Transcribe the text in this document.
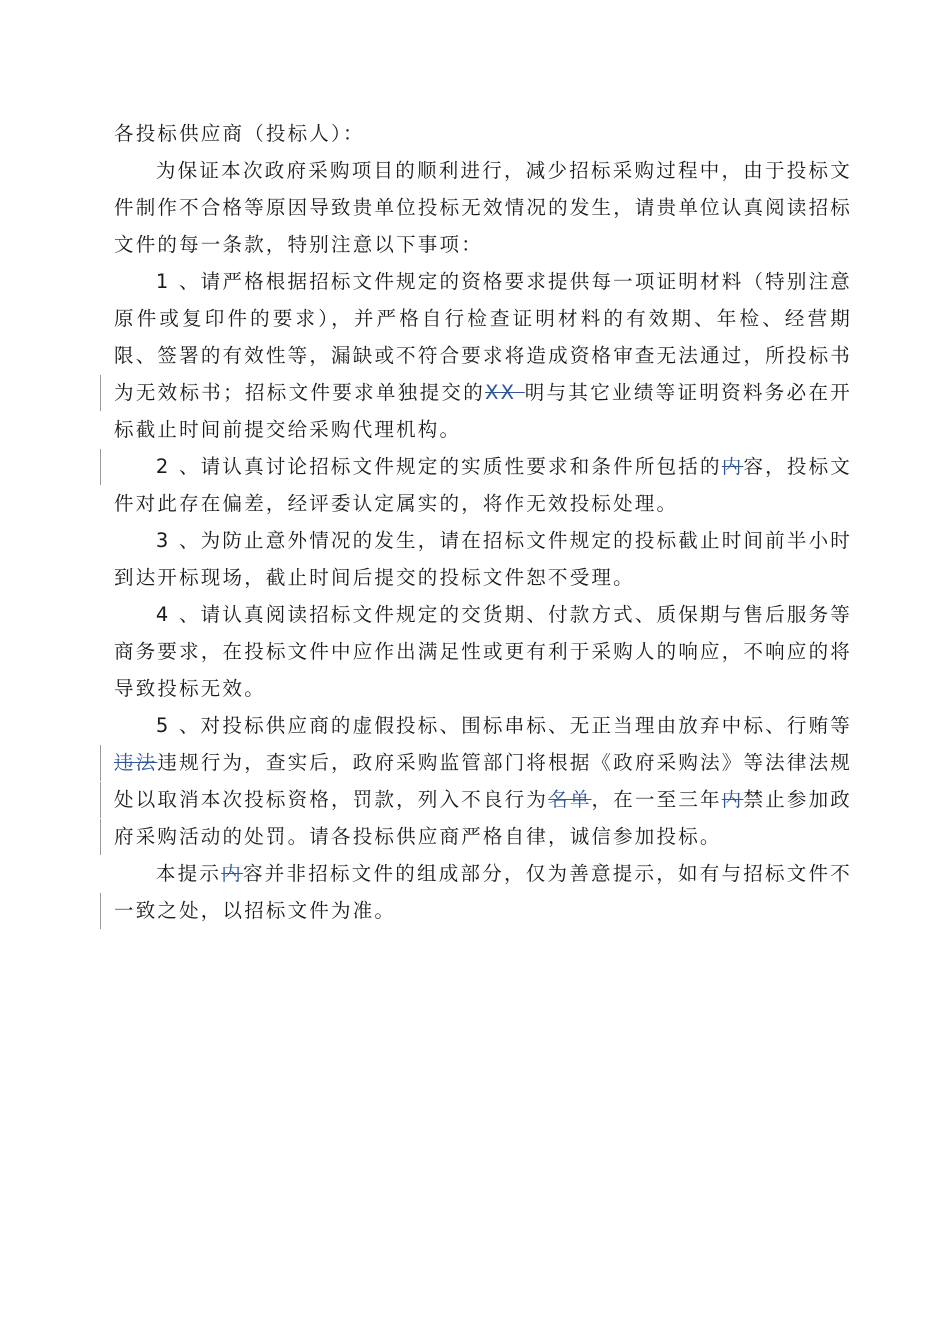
各投标供应商（投标人）：

为保证本次政府采购项目的顺利进行，减少招标采购过程中，由于投标文件制作不合格等原因导致贵单位投标无效情况的发生，请贵单位认真阅读招标文件的每一条款，特别注意以下事项：

1 、请严格根据招标文件规定的资格要求提供每一项证明材料（特别注意原件或复印件的要求），并严格自行检查证明材料的有效期、年检、经营期限、签署的有效性等，漏缺或不符合要求将造成资格审查无法通过，所投标书为无效标书；招标文件要求单独提交的XX 明与其它业绩等证明资料务必在开标截止时间前提交给采购代理机构。

2 、请认真讨论招标文件规定的实质性要求和条件所包括的内容，投标文件对此存在偏差，经评委认定属实的，将作无效投标处理。

3 、为防止意外情况的发生，请在招标文件规定的投标截止时间前半小时到达开标现场，截止时间后提交的投标文件恕不受理。

4 、请认真阅读招标文件规定的交货期、付款方式、质保期与售后服务等商务要求，在投标文件中应作出满足性或更有利于采购人的响应，不响应的将导致投标无效。

5 、对投标供应商的虚假投标、围标串标、无正当理由放弃中标、行贿等违法违规行为，查实后，政府采购监管部门将根据《政府采购法》等法律法规处以取消本次投标资格，罚款，列入不良行为名单，在一至三年内禁止参加政府采购活动的处罚。请各投标供应商严格自律，诚信参加投标。

本提示内容并非招标文件的组成部分，仅为善意提示，如有与招标文件不一致之处，以招标文件为准。
